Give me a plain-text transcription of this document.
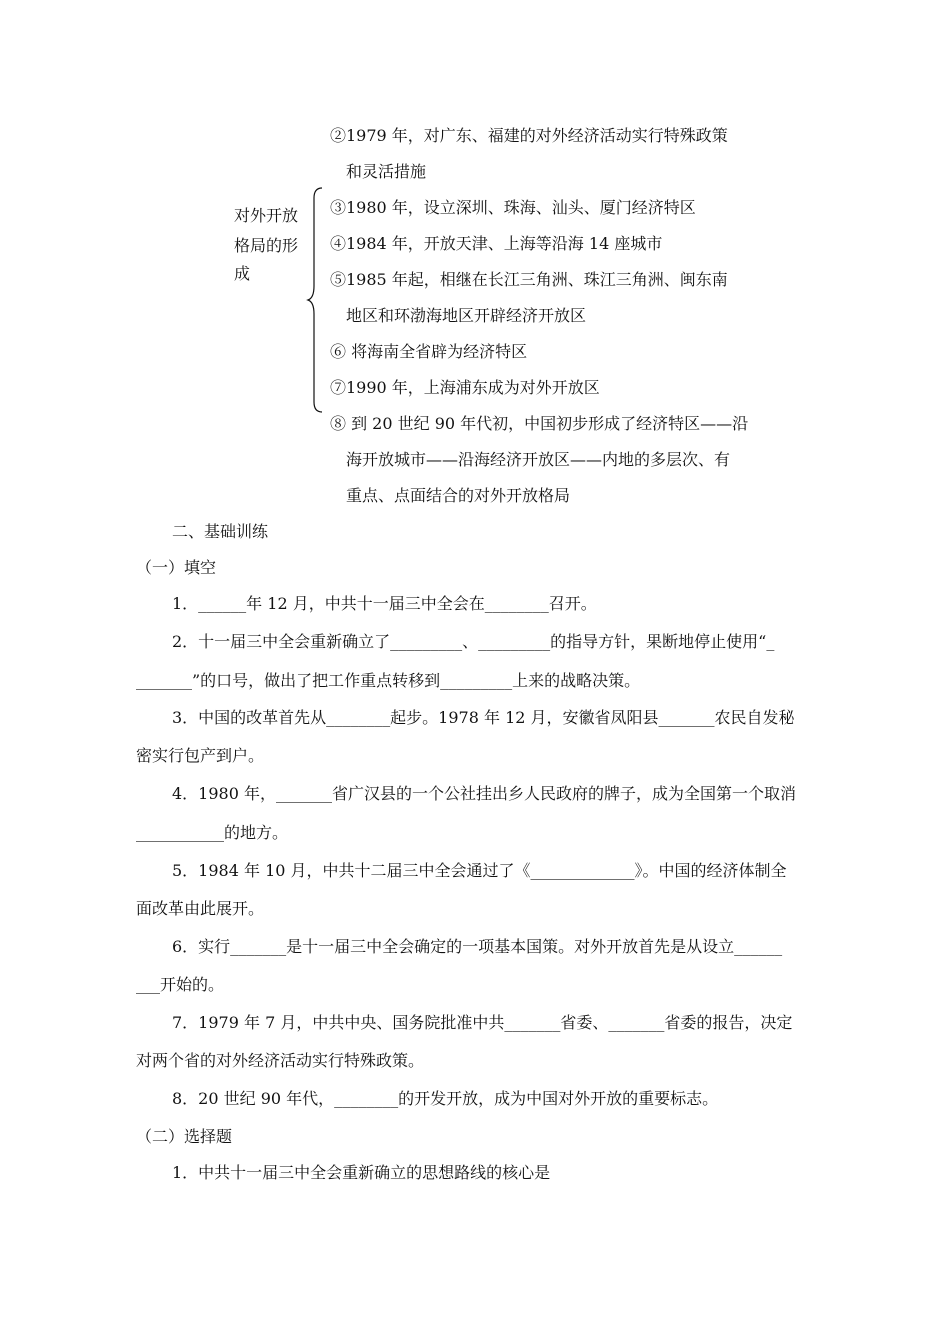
对外开放
格局的形
成
②1979 年，对广东、福建的对外经济活动实行特殊政策
和灵活措施
③1980 年，设立深圳、珠海、汕头、厦门经济特区
④1984 年，开放天津、上海等沿海 14 座城市
⑤1985 年起，相继在长江三角洲、珠江三角洲、闽东南
地区和环渤海地区开辟经济开放区
⑥ 将海南全省辟为经济特区
⑦1990 年，上海浦东成为对外开放区
⑧ 到 20 世纪 90 年代初，中国初步形成了经济特区——沿
海开放城市——沿海经济开放区——内地的多层次、有
重点、点面结合的对外开放格局
二、基础训练
（一）填空
1．______年 12 月，中共十一届三中全会在________召开。
2．十一届三中全会重新确立了_________、_________的指导方针，果断地停止使用“_
_______”的口号，做出了把工作重点转移到_________上来的战略决策。
3．中国的改革首先从________起步。1978 年 12 月，安徽省凤阳县_______农民自发秘
密实行包产到户。
4．1980 年，_______省广汉县的一个公社挂出乡人民政府的牌子，成为全国第一个取消
___________的地方。
5．1984 年 10 月，中共十二届三中全会通过了《_____________》。中国的经济体制全
面改革由此展开。
6．实行_______是十一届三中全会确定的一项基本国策。对外开放首先是从设立______
___开始的。
7．1979 年 7 月，中共中央、国务院批准中共_______省委、_______省委的报告，决定
对两个省的对外经济活动实行特殊政策。
8．20 世纪 90 年代，________的开发开放，成为中国对外开放的重要标志。
（二）选择题
1．中共十一届三中全会重新确立的思想路线的核心是
